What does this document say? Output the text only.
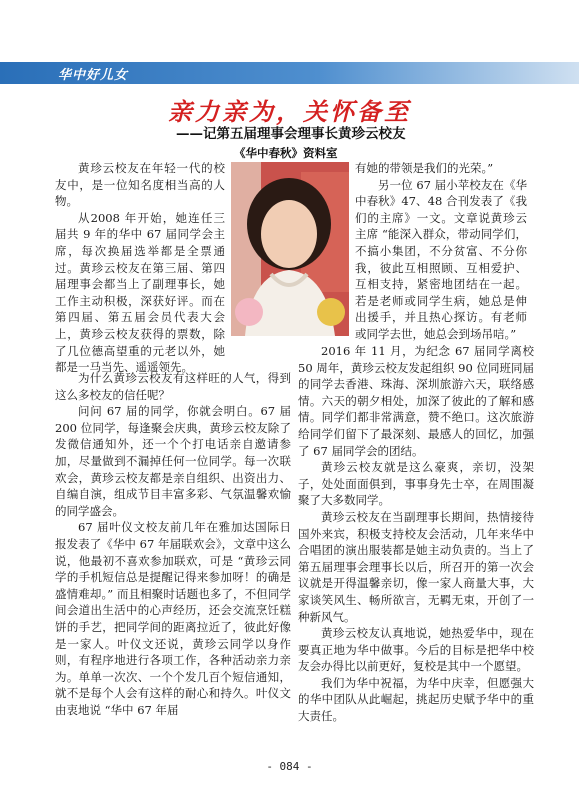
华中好儿女
亲力亲为，关怀备至
——记第五届理事会理事长黄珍云校友
《华中春秋》资料室

黄珍云校友在年轻一代的校友中，是一位知名度相当高的人物。

从2008 年开始，她连任三届共 9 年的华中 67 届同学会主席，每次换届选举都是全票通过。黄珍云校友在第三届、第四届理事会都当上了副理事长，她工作主动积极，深获好评。而在第四届、第五届会员代表大会上，黄珍云校友获得的票数，除了几位德高望重的元老以外，她都是一马当先、遥遥领先。

为什么黄珍云校友有这样旺的人气，得到这么多校友的信任呢？

问问 67 届的同学，你就会明白。67 届 200 位同学，每逢聚会庆典，黄珍云校友除了发微信通知外，还一个个打电话亲自邀请参加，尽量做到不漏掉任何一位同学。每一次联欢会，黄珍云校友都是亲自组织、出资出力、自编自演，组成节目丰富多彩、气氛温馨欢愉的同学盛会。

67 届叶仪文校友前几年在雅加达国际日报发表了《华中 67 年届联欢会》，文章中这么说，他最初不喜欢参加联欢，可是 “黄珍云同学的手机短信总是提醒记得来参加呀！的确是盛情难却。” 而且相聚时话题也多了，不但同学间会道出生活中的心声经历，还会交流烹饪糕饼的手艺，把同学间的距离拉近了，彼此好像是一家人。叶仪文还说，黄珍云同学以身作则，有程序地进行各项工作，各种活动亲力亲为。单单一次次、一个个发几百个短信通知，就不是每个人会有这样的耐心和持久。叶仪文由衷地说 “华中 67 年届

有她的带领是我们的光荣。”

另一位 67 届小苹校友在《华中春秋》47、48 合刊发表了《我们的主席》一文。文章说黄珍云主席 “能深入群众，带动同学们，不搞小集团，不分贫富、不分你我，彼此互相照顾、互相爱护、互相支持，紧密地团结在一起。若是老师或同学生病，她总是伸出援手，并且热心探访。有老师或同学去世，她总会到场吊唁。”

2016 年 11 月，为纪念 67 届同学离校 50 周年，黄珍云校友发起组织 90 位同班同届的同学去香港、珠海、深圳旅游六天，联络感情。六天的朝夕相处，加深了彼此的了解和感情。同学们都非常满意，赞不绝口。这次旅游给同学们留下了最深刻、最感人的回忆，加强了 67 届同学会的团结。

黄珍云校友就是这么豪爽，亲切，没架子，处处面面俱到，事事身先士卒，在周围凝聚了大多数同学。

黄珍云校友在当副理事长期间，热情接待国外来宾，积极支持校友会活动，几年来华中合唱团的演出服装都是她主动负责的。当上了第五届理事会理事长以后，所召开的第一次会议就是开得温馨亲切，像一家人商量大事，大家谈笑风生、畅所欲言，无羁无束，开创了一种新风气。

黄珍云校友认真地说，她热爱华中，现在要真正地为华中做事。今后的目标是把华中校友会办得比以前更好，复校是其中一个愿望。

我们为华中祝福，为华中庆幸，但愿强大的华中团队从此崛起，挑起历史赋予华中的重大责任。

- 084 -
